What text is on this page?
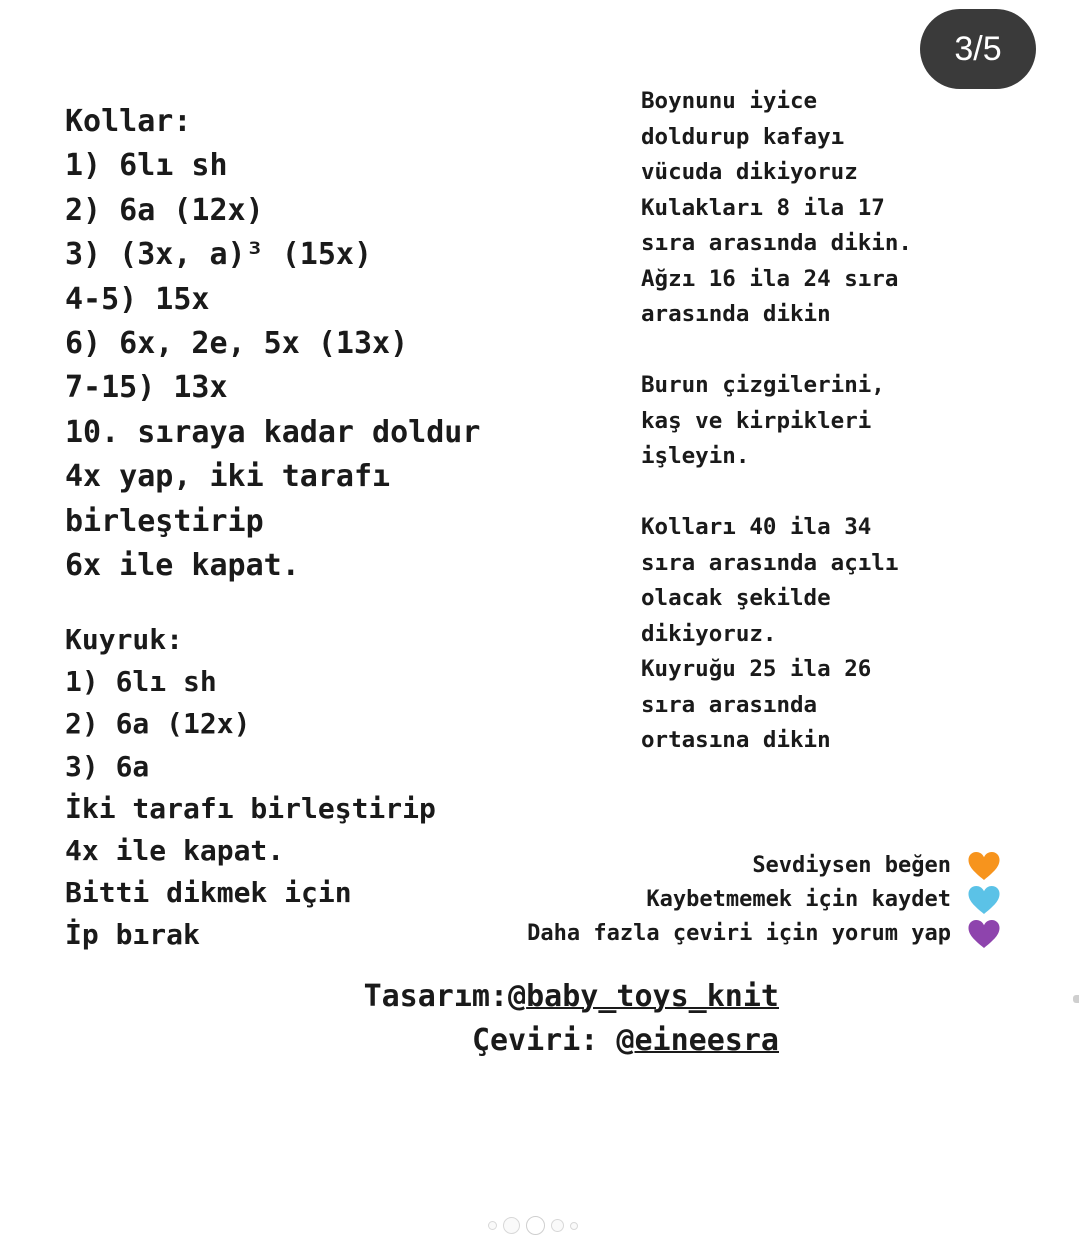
3/5
Kollar:
1) 6lı sh
2) 6a (12x)
3) (3x, a)³ (15x)
4-5) 15x
6) 6x, 2e, 5x (13x)
7-15) 13x
10. sıraya kadar doldur
4x yap, iki tarafı
birleştirip
6x ile kapat.
Kuyruk:
1) 6lı sh
2) 6a (12x)
3) 6a
İki tarafı birleştirip
4x ile kapat.
Bitti dikmek için
İp bırak
Boynunu iyice
doldurup kafayı
vücuda dikiyoruz
Kulakları 8 ila 17
sıra arasında dikin.
Ağzı 16 ila 24 sıra
arasında dikin
Burun çizgilerini,
kaş ve kirpikleri
işleyin.
Kolları 40 ila 34
sıra arasında açılı
olacak şekilde
dikiyoruz.
Kuyruğu 25 ila 26
sıra arasında
ortasına dikin
Sevdiysen beğen
Kaybetmemek için kaydet
Daha fazla çeviri için yorum yap
Tasarım:@baby_toys_knit
Çeviri: @eineesra
